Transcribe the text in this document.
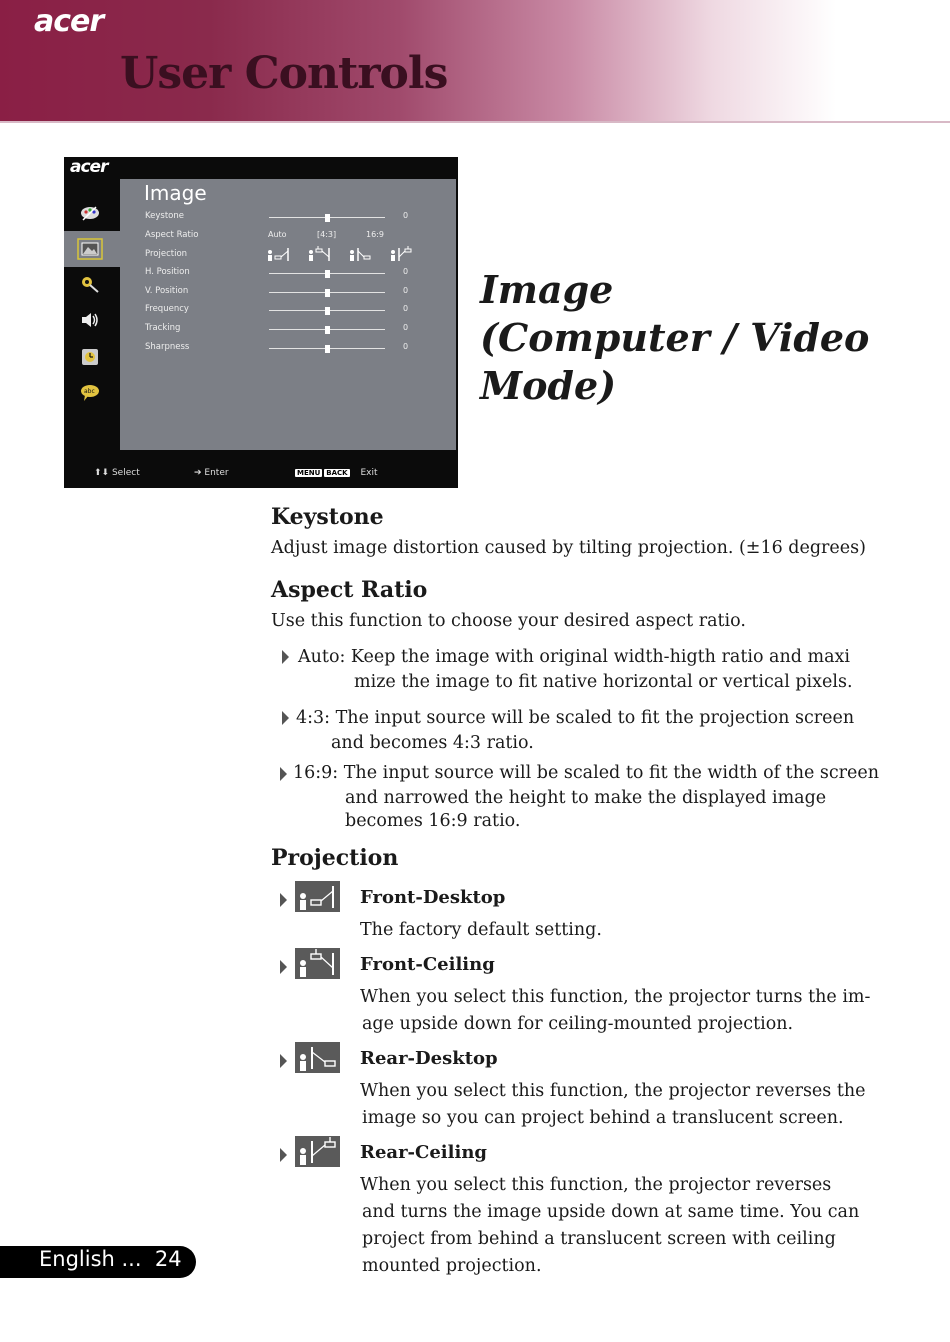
acer
User Controls
acer
abc
Image
Keystone	0
Aspect Ratio	Auto	[4:3]	16:9
Projection
H. Position	0
V. Position	0
Frequency	0
Tracking	0
Sharpness	0
⬆⬇ Select	➔ Enter	MENU BACK Exit
Image
(Computer / Video
Mode)
Keystone
Adjust image distortion caused by tilting projection. (±16 degrees)
Aspect Ratio
Use this function to choose your desired aspect ratio.
Auto: Keep the image with original width-higth ratio and maxi
mize the image to fit native horizontal or vertical pixels.
4:3: The input source will be scaled to fit the projection screen
and becomes 4:3 ratio.
16:9: The input source will be scaled to fit the width of the screen
and narrowed the height to make the displayed image
becomes 16:9 ratio.
Projection
Front-Desktop
The factory default setting.
Front-Ceiling
When you select this function, the projector turns the im-
age upside down for ceiling-mounted projection.
Rear-Desktop
When you select this function, the projector reverses the
image so you can project behind a translucent screen.
Rear-Ceiling
When you select this function, the projector reverses
and turns the image upside down at same time. You can
project from behind a translucent screen with ceiling
mounted projection.
English ...  24
